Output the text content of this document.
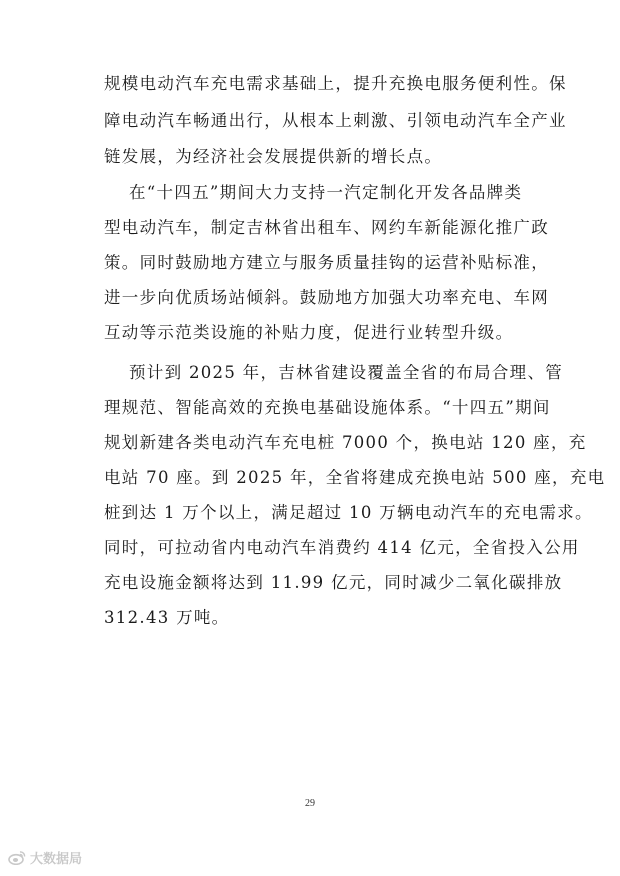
规模电动汽车充电需求基础上，提升充换电服务便利性。保
障电动汽车畅通出行，从根本上刺激、引领电动汽车全产业
链发展，为经济社会发展提供新的增长点。
在“十四五”期间大力支持一汽定制化开发各品牌类
型电动汽车，制定吉林省出租车、网约车新能源化推广政
策。同时鼓励地方建立与服务质量挂钩的运营补贴标准，
进一步向优质场站倾斜。鼓励地方加强大功率充电、车网
互动等示范类设施的补贴力度，促进行业转型升级。
预计到 2025 年，吉林省建设覆盖全省的布局合理、管
理规范、智能高效的充换电基础设施体系。“十四五”期间
规划新建各类电动汽车充电桩 7000 个，换电站 120 座，充
电站 70 座。到 2025 年，全省将建成充换电站 500 座，充电
桩到达 1 万个以上，满足超过 10 万辆电动汽车的充电需求。
同时，可拉动省内电动汽车消费约 414 亿元，全省投入公用
充电设施金额将达到 11.99 亿元，同时减少二氧化碳排放
312.43 万吨。
29
大数据局
